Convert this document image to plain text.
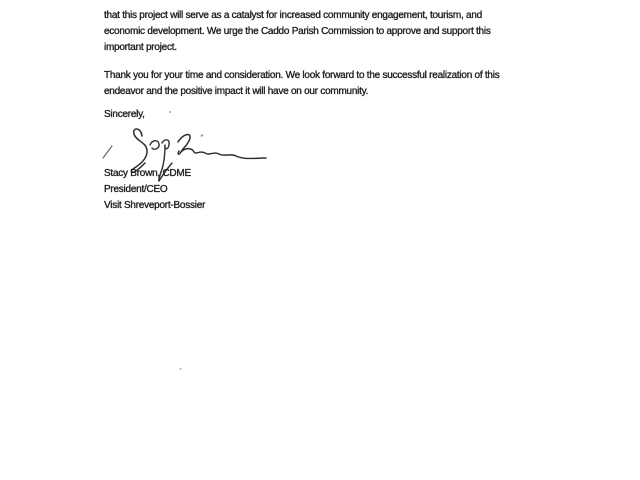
that this project will serve as a catalyst for increased community engagement, tourism, and
economic development. We urge the Caddo Parish Commission to approve and support this
important project.
Thank you for your time and consideration. We look forward to the successful realization of this
endeavor and the positive impact it will have on our community.
Sincerely,
Stacy Brown, CDME
President/CEO
Visit Shreveport-Bossier
